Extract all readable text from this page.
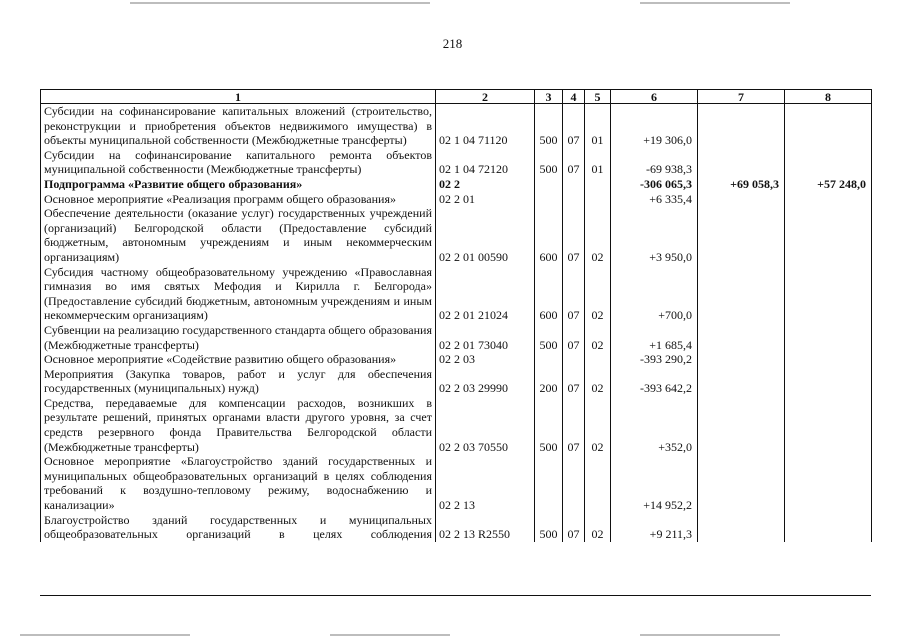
218
1	2	3	4	5	6	7	8
Субсидии на софинансирование капитальных вложений (строительство, реконструкции и приобретения объектов недвижимого имущества) в объекты муниципальной собственности (Межбюджетные трансферты)	02 1 04 71120	500	07	01	+19 306,0		
Субсидии на софинансирование капитального ремонта объектов муниципальной собственности (Межбюджетные трансферты)	02 1 04 72120	500	07	01	-69 938,3		
Подпрограмма «Развитие общего образования»	02 2				-306 065,3	+69 058,3	+57 248,0
Основное мероприятие «Реализация программ общего образования»	02 2 01				+6 335,4		
Обеспечение деятельности (оказание услуг) государственных учреждений (организаций) Белгородской области (Предоставление субсидий бюджетным, автономным учреждениям и иным некоммерческим организациям)	02 2 01 00590	600	07	02	+3 950,0		
Субсидия частному общеобразовательному учреждению «Православная гимназия во имя святых Мефодия и Кирилла г. Белгорода» (Предоставление субсидий бюджетным, автономным учреждениям и иным некоммерческим организациям)	02 2 01 21024	600	07	02	+700,0		
Субвенции на реализацию государственного стандарта общего образования (Межбюджетные трансферты)	02 2 01 73040	500	07	02	+1 685,4		
Основное мероприятие «Содействие развитию общего образования»	02 2 03				-393 290,2		
Мероприятия (Закупка товаров, работ и услуг для обеспечения государственных (муниципальных) нужд)	02 2 03 29990	200	07	02	-393 642,2		
Средства, передаваемые для компенсации расходов, возникших в результате решений, принятых органами власти другого уровня, за счет средств резервного фонда Правительства Белгородской области (Межбюджетные трансферты)	02 2 03 70550	500	07	02	+352,0		
Основное мероприятие «Благоустройство зданий государственных и муниципальных общеобразовательных организаций в целях соблюдения требований к воздушно-тепловому режиму, водоснабжению и канализации»	02 2 13				+14 952,2		
Благоустройство зданий государственных и муниципальных общеобразовательных организаций в целях соблюдения	02 2 13 R2550	500	07	02	+9 211,3		
